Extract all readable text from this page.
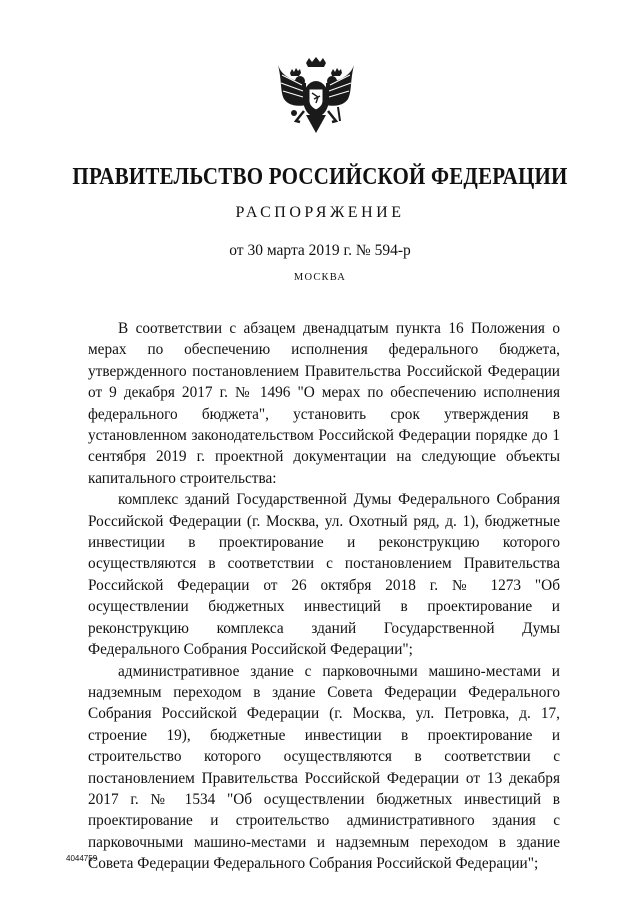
ПРАВИТЕЛЬСТВО РОССИЙСКОЙ ФЕДЕРАЦИИ
РАСПОРЯЖЕНИЕ
от 30 марта 2019 г. № 594-р
МОСКВА

В соответствии с абзацем двенадцатым пункта 16 Положения о мерах по обеспечению исполнения федерального бюджета, утвержденного постановлением Правительства Российской Федерации от 9 декабря 2017 г. № 1496 "О мерах по обеспечению исполнения федерального бюджета", установить срок утверждения в установленном законодательством Российской Федерации порядке до 1 сентября 2019 г. проектной документации на следующие объекты капитального строительства:

комплекс зданий Государственной Думы Федерального Собрания Российской Федерации (г. Москва, ул. Охотный ряд, д. 1), бюджетные инвестиции в проектирование и реконструкцию которого осуществляются в соответствии с постановлением Правительства Российской Федерации от 26 октября 2018 г. № 1273 "Об осуществлении бюджетных инвестиций в проектирование и реконструкцию комплекса зданий Государственной Думы Федерального Собрания Российской Федерации";

административное здание с парковочными машино-местами и надземным переходом в здание Совета Федерации Федерального Собрания Российской Федерации (г. Москва, ул. Петровка, д. 17, строение 19), бюджетные инвестиции в проектирование и строительство которого осуществляются в соответствии с постановлением Правительства Российской Федерации от 13 декабря 2017 г. № 1534 "Об осуществлении бюджетных инвестиций в проектирование и строительство административного здания с парковочными машино-местами и надземным переходом в здание Совета Федерации Федерального Собрания Российской Федерации";

4044759
